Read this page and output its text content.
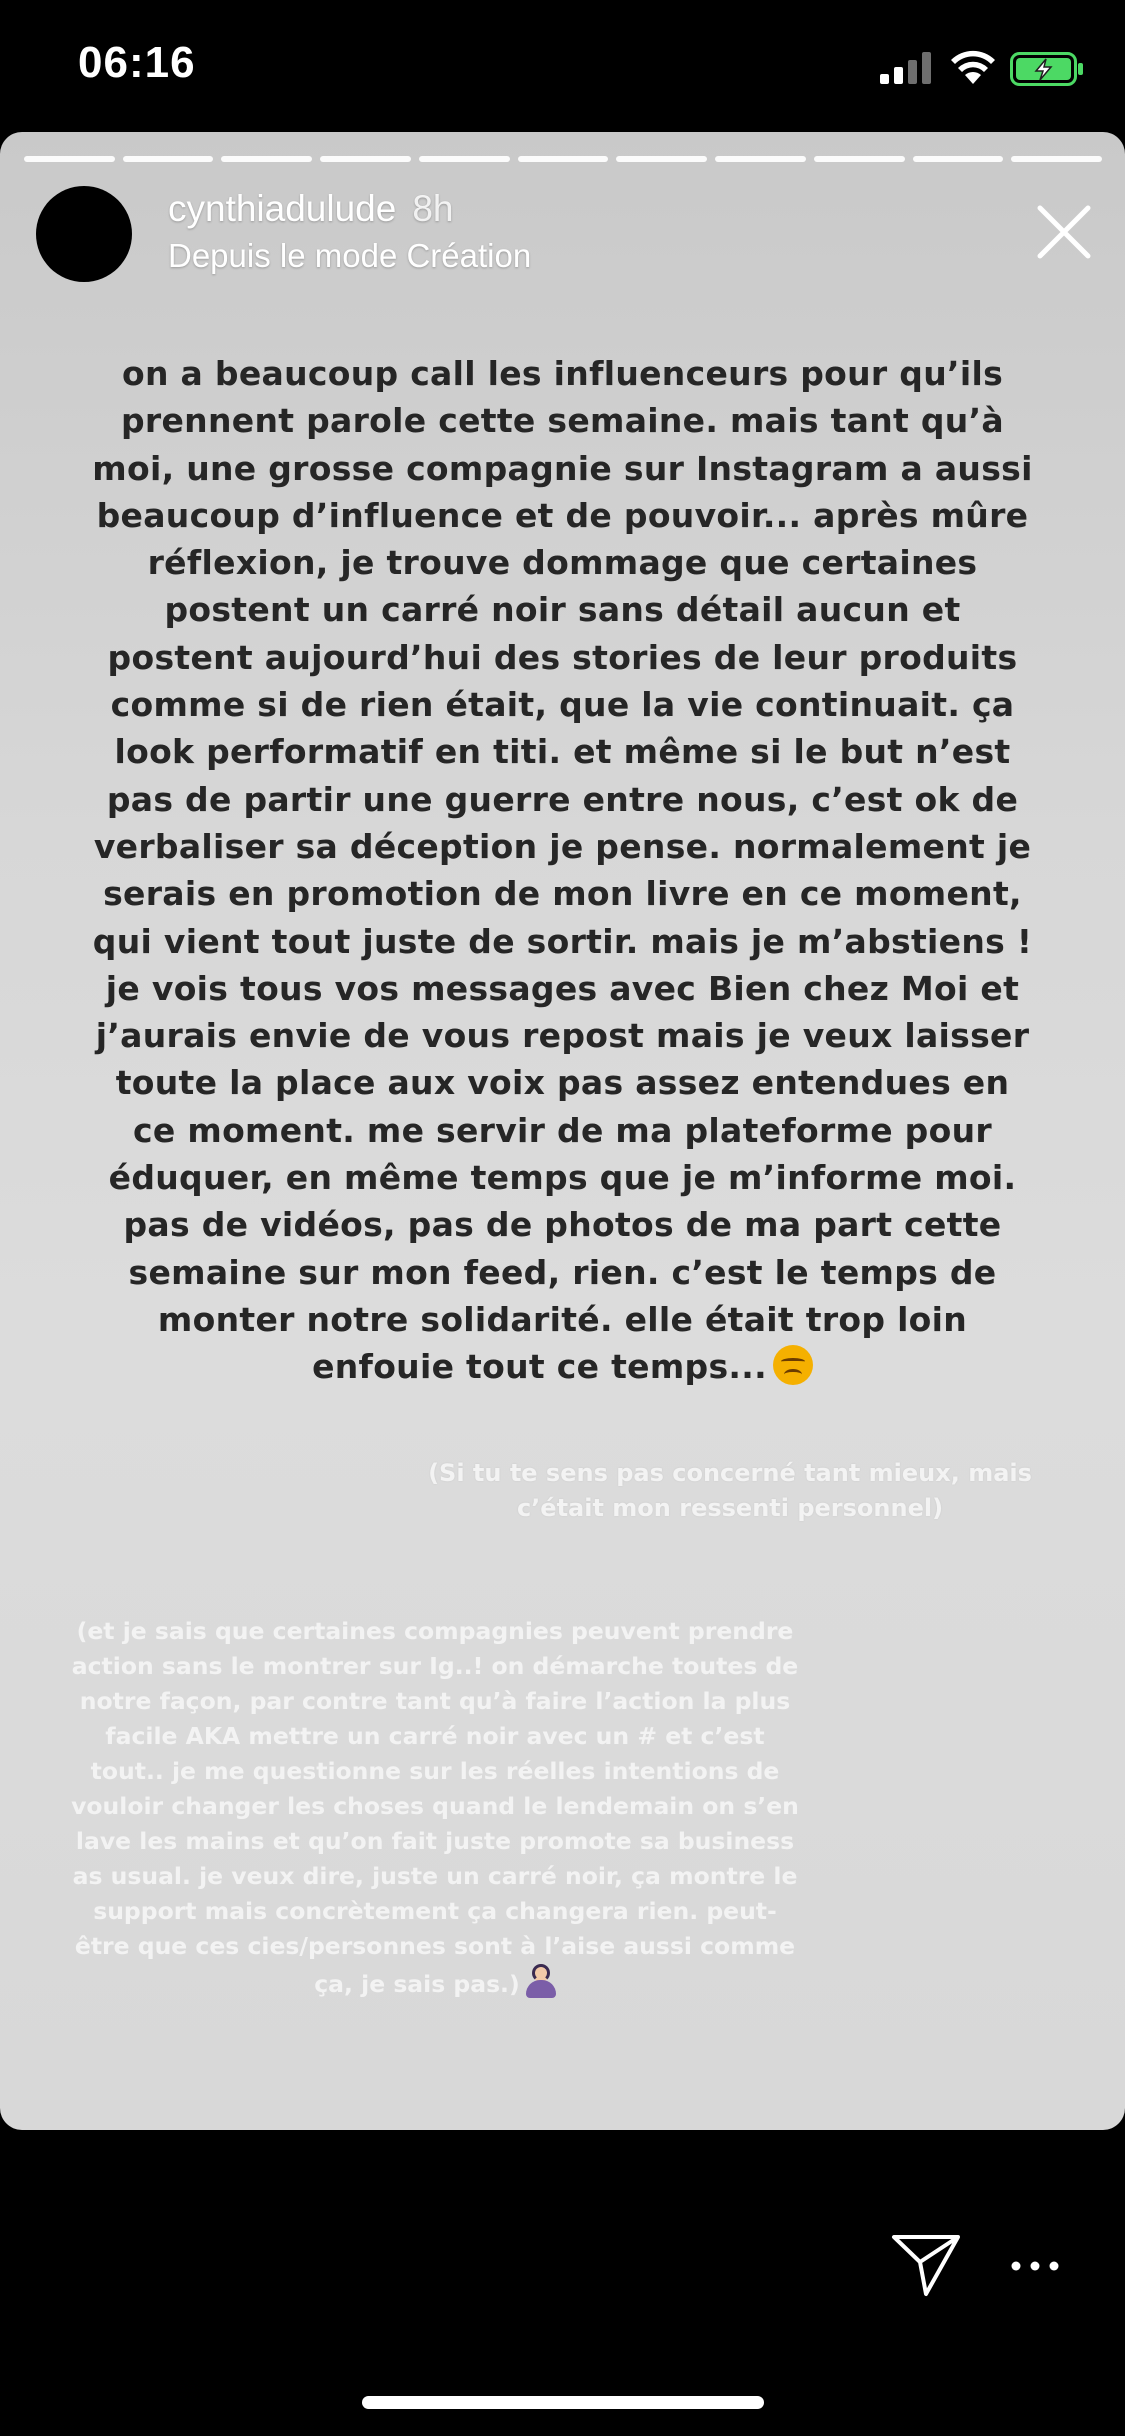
06:16
cynthiadulude 8h
Depuis le mode Création

on a beaucoup call les influenceurs pour qu’ils prennent parole cette semaine. mais tant qu’à moi, une grosse compagnie sur Instagram a aussi beaucoup d’influence et de pouvoir... après mûre réflexion, je trouve dommage que certaines postent un carré noir sans détail aucun et postent aujourd’hui des stories de leur produits comme si de rien était, que la vie continuait. ça look performatif en titi. et même si le but n’est pas de partir une guerre entre nous, c’est ok de verbaliser sa déception je pense. normalement je serais en promotion de mon livre en ce moment, qui vient tout juste de sortir. mais je m’abstiens ! je vois tous vos messages avec Bien chez Moi et j’aurais envie de vous repost mais je veux laisser toute la place aux voix pas assez entendues en ce moment. me servir de ma plateforme pour éduquer, en même temps que je m’informe moi.

pas de vidéos, pas de photos de ma part cette semaine sur mon feed, rien. c’est le temps de monter notre solidarité. elle était trop loin enfouie tout ce temps...

(Si tu te sens pas concerné tant mieux, mais c’était mon ressenti personnel)
(et je sais que certaines compagnies peuvent prendre action sans le montrer sur Ig..! on démarche toutes de notre façon, par contre tant qu’à faire l’action la plus facile AKA mettre un carré noir avec un # et c’est tout.. je me questionne sur les réelles intentions de vouloir changer les choses quand le lendemain on s’en lave les mains et qu’on fait juste promote sa business as usual. je veux dire, juste un carré noir, ça montre le support mais concrètement ça changera rien. peut-être que ces cies/personnes sont à l’aise aussi comme ça, je sais pas.)
